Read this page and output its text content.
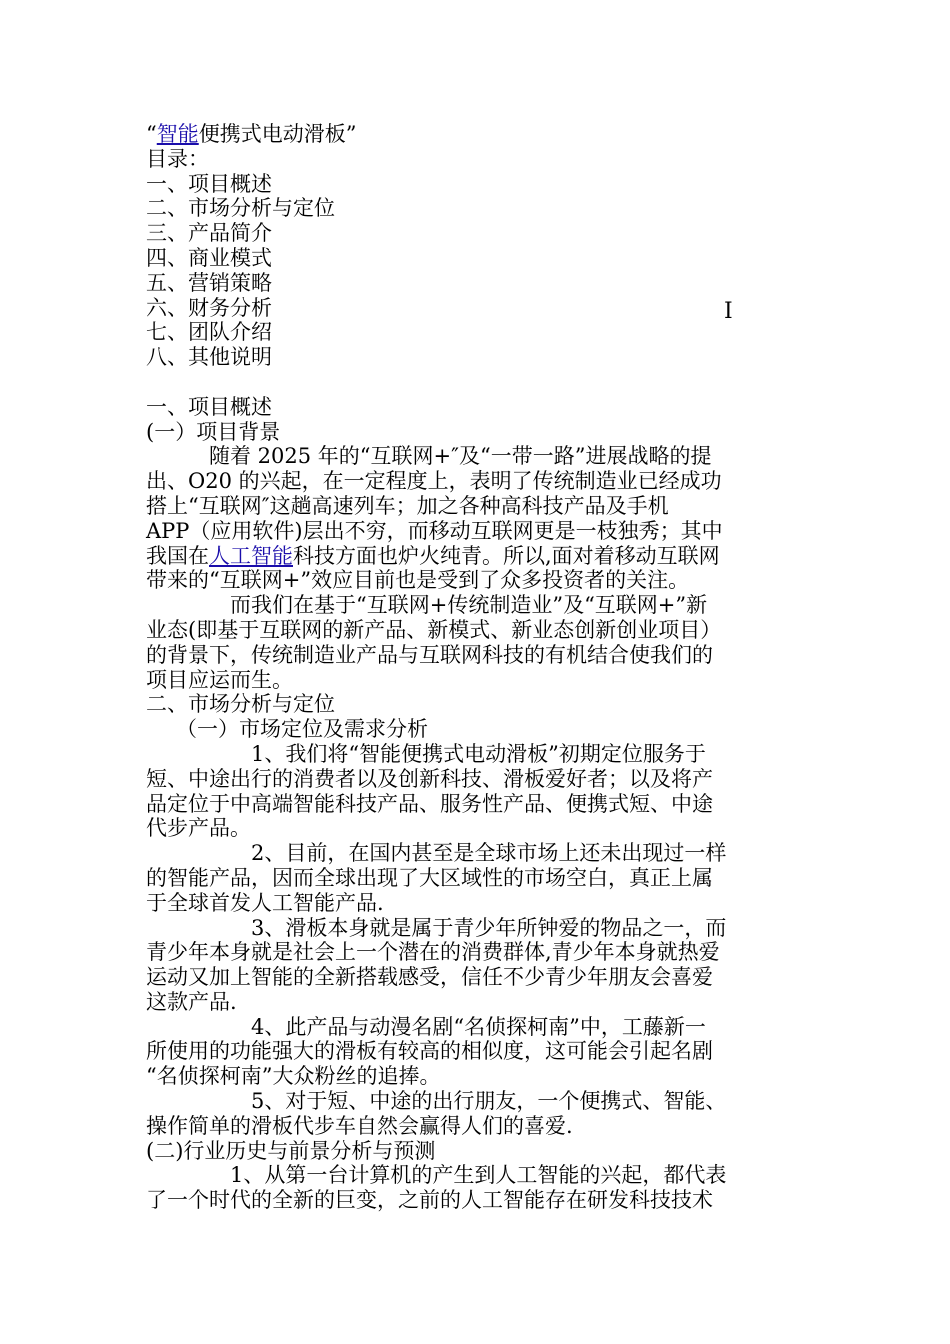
“智能便携式电动滑板”
目录：
一、项目概述
二、市场分析与定位
三、产品简介
四、商业模式
五、营销策略
六、财务分析
七、团队介绍
八、其他说明
一、项目概述
(一）项目背景
随着 2025 年的“互联网+″及“一带一路”进展战略的提
出、O20 的兴起，在一定程度上，表明了传统制造业已经成功
搭上“互联网″这趟高速列车；加之各种高科技产品及手机
APP（应用软件)层出不穷，而移动互联网更是一枝独秀；其中
我国在人工智能科技方面也炉火纯青。所以,面对着移动互联网
带来的“互联网+”效应目前也是受到了众多投资者的关注。
而我们在基于“互联网+传统制造业”及“互联网+”新
业态(即基于互联网的新产品、新模式、新业态创新创业项目）
的背景下，传统制造业产品与互联网科技的有机结合使我们的
项目应运而生。
二、市场分析与定位
（一）市场定位及需求分析
1、我们将“智能便携式电动滑板”初期定位服务于
短、中途出行的消费者以及创新科技、滑板爱好者；以及将产
品定位于中高端智能科技产品、服务性产品、便携式短、中途
代步产品。
2、目前，在国内甚至是全球市场上还未出现过一样
的智能产品，因而全球出现了大区域性的市场空白，真正上属
于全球首发人工智能产品.
3、滑板本身就是属于青少年所钟爱的物品之一，而
青少年本身就是社会上一个潜在的消费群体,青少年本身就热爱
运动又加上智能的全新搭载感受，信任不少青少年朋友会喜爱
这款产品.
4、此产品与动漫名剧“名侦探柯南”中，工藤新一
所使用的功能强大的滑板有较高的相似度，这可能会引起名剧
“名侦探柯南”大众粉丝的追捧。
5、对于短、中途的出行朋友，一个便携式、智能、
操作简单的滑板代步车自然会赢得人们的喜爱.
(二)行业历史与前景分析与预测
1、从第一台计算机的产生到人工智能的兴起，都代表
了一个时代的全新的巨变，之前的人工智能存在研发科技技术
I
